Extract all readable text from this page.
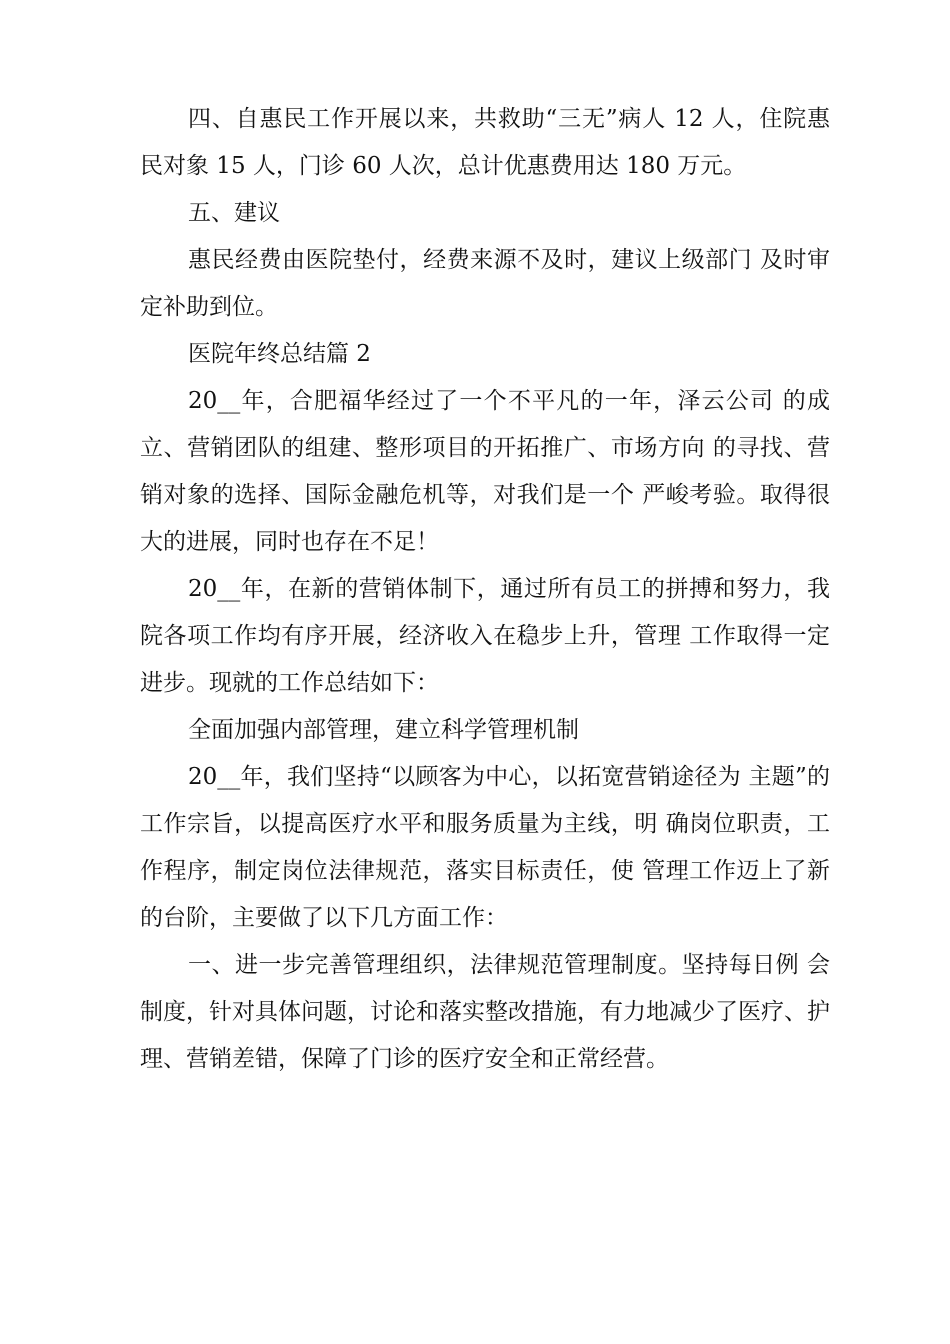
四、自惠民工作开展以来，共救助“三无”病人 12 人，住院惠民对象 15 人，门诊 60 人次，总计优惠费用达 180 万元。

五、建议

惠民经费由医院垫付，经费来源不及时，建议上级部门 及时审定补助到位。

医院年终总结篇 2

20__年，合肥福华经过了一个不平凡的一年，泽云公司 的成立、营销团队的组建、整形项目的开拓推广、市场方向 的寻找、营销对象的选择、国际金融危机等，对我们是一个 严峻考验。取得很大的进展，同时也存在不足！

20__年，在新的营销体制下，通过所有员工的拼搏和努力，我院各项工作均有序开展，经济收入在稳步上升，管理 工作取得一定进步。现就的工作总结如下：

全面加强内部管理，建立科学管理机制

20__年，我们坚持“以顾客为中心，以拓宽营销途径为 主题”的工作宗旨，以提高医疗水平和服务质量为主线，明 确岗位职责，工作程序，制定岗位法律规范，落实目标责任，使 管理工作迈上了新的台阶，主要做了以下几方面工作：

一、进一步完善管理组织，法律规范管理制度。坚持每日例 会制度，针对具体问题，讨论和落实整改措施，有力地减少了医疗、护理、营销差错，保障了门诊的医疗安全和正常经营。
